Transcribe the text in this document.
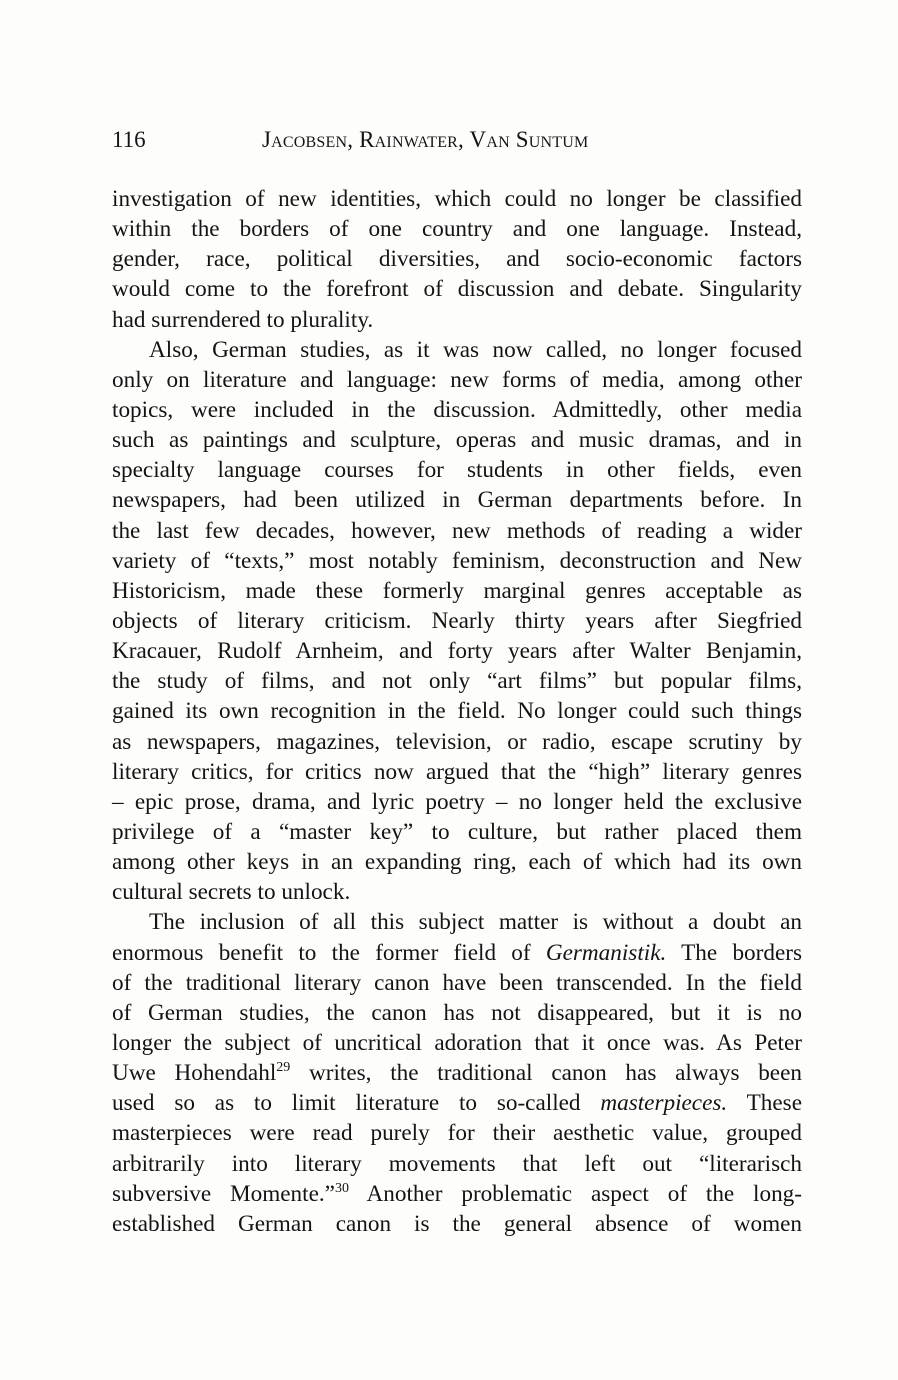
116	Jacobsen, Rainwater, Van Suntum
investigation of new identities, which could no longer be classified
within the borders of one country and one language. Instead,
gender, race, political diversities, and socio-economic factors
would come to the forefront of discussion and debate. Singularity
had surrendered to plurality.
Also, German studies, as it was now called, no longer focused
only on literature and language: new forms of media, among other
topics, were included in the discussion. Admittedly, other media
such as paintings and sculpture, operas and music dramas, and in
specialty language courses for students in other fields, even
newspapers, had been utilized in German departments before. In
the last few decades, however, new methods of reading a wider
variety of “texts,” most notably feminism, deconstruction and New
Historicism, made these formerly marginal genres acceptable as
objects of literary criticism. Nearly thirty years after Siegfried
Kracauer, Rudolf Arnheim, and forty years after Walter Benjamin,
the study of films, and not only “art films” but popular films,
gained its own recognition in the field. No longer could such things
as newspapers, magazines, television, or radio, escape scrutiny by
literary critics, for critics now argued that the “high” literary genres
– epic prose, drama, and lyric poetry – no longer held the exclusive
privilege of a “master key” to culture, but rather placed them
among other keys in an expanding ring, each of which had its own
cultural secrets to unlock.
The inclusion of all this subject matter is without a doubt an
enormous benefit to the former field of Germanistik. The borders
of the traditional literary canon have been transcended. In the field
of German studies, the canon has not disappeared, but it is no
longer the subject of uncritical adoration that it once was. As Peter
Uwe Hohendahl$^{29}$ writes, the traditional canon has always been
used so as to limit literature to so-called masterpieces. These
masterpieces were read purely for their aesthetic value, grouped
arbitrarily into literary movements that left out “literarisch
subversive Momente.”$^{30}$ Another problematic aspect of the long-
established German canon is the general absence of women
